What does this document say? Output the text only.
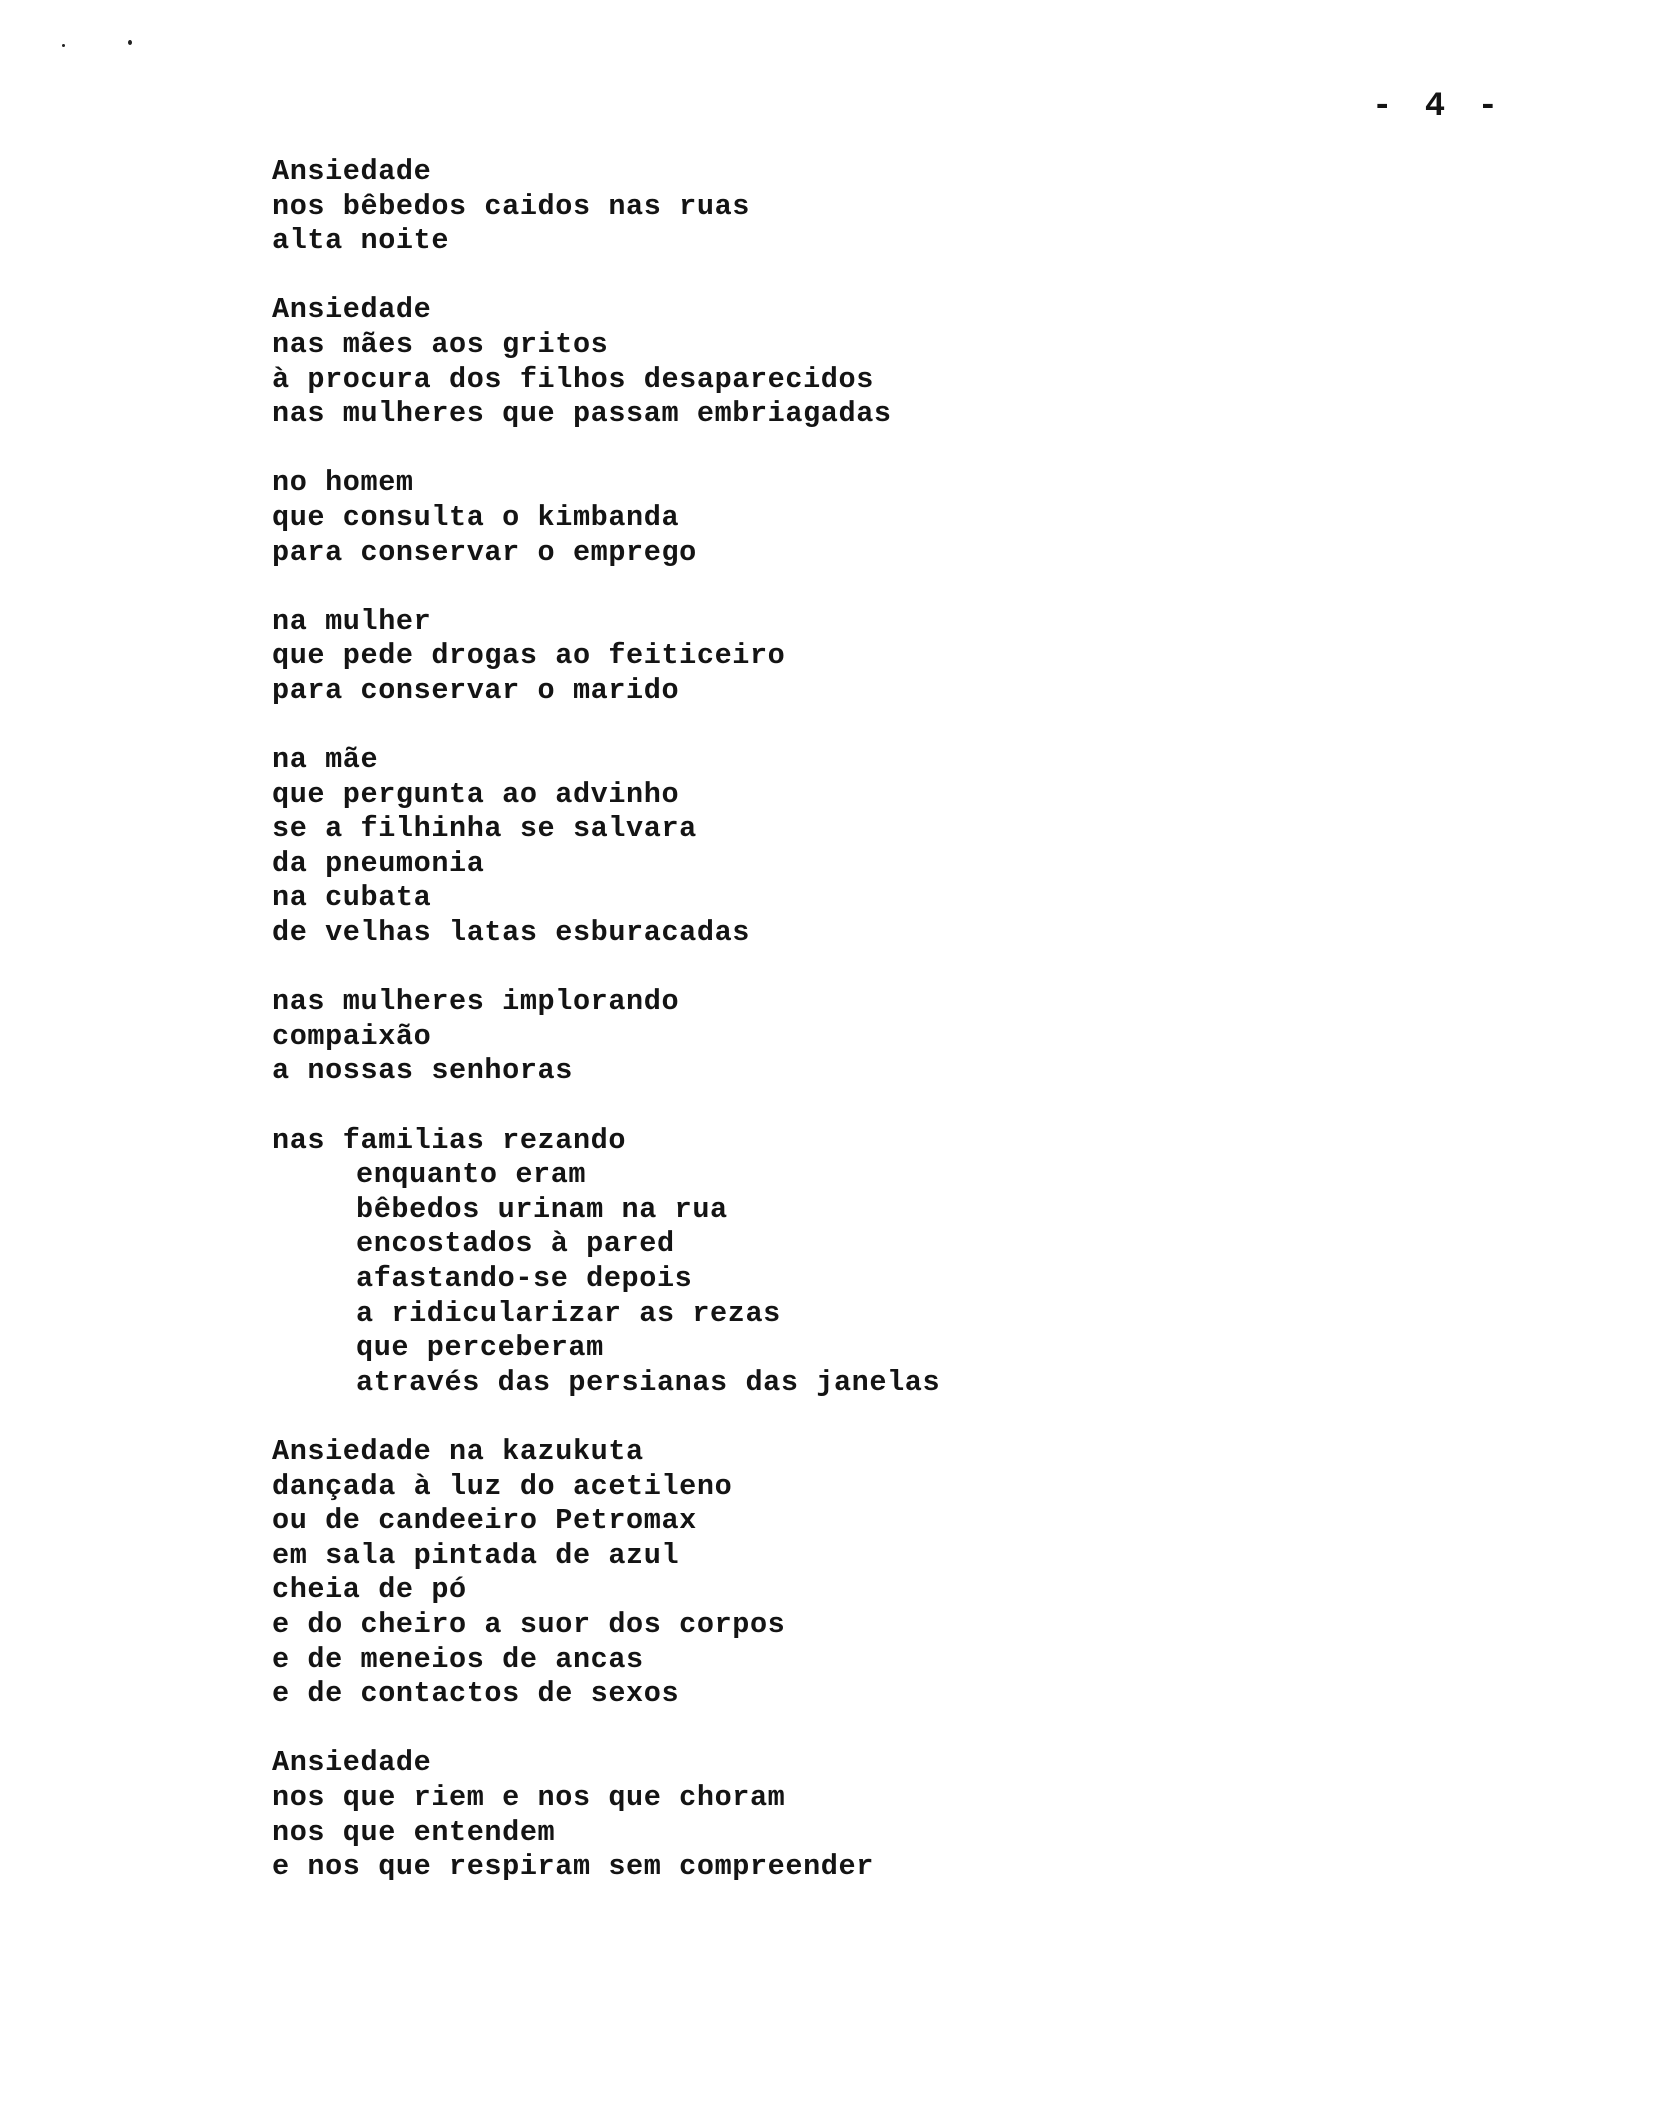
- 4 -
Ansiedade
nos bêbedos caidos nas ruas
alta noite
Ansiedade
nas mães aos gritos
à procura dos filhos desaparecidos
nas mulheres que passam embriagadas
no homem
que consulta o kimbanda
para conservar o emprego
na mulher
que pede drogas ao feiticeiro
para conservar o marido
na mãe
que pergunta ao advinho
se a filhinha se salvara
da pneumonia
na cubata
de velhas latas esburacadas
nas mulheres implorando
compaixão
a nossas senhoras
nas familias rezando
enquanto eram
bêbedos urinam na rua
encostados à pared
afastando-se depois
a ridicularizar as rezas
que perceberam
através das persianas das janelas
Ansiedade na kazukuta
dançada à luz do acetileno
ou de candeeiro Petromax
em sala pintada de azul
cheia de pó
e do cheiro a suor dos corpos
e de meneios de ancas
e de contactos de sexos
Ansiedade
nos que riem e nos que choram
nos que entendem
e nos que respiram sem compreender
